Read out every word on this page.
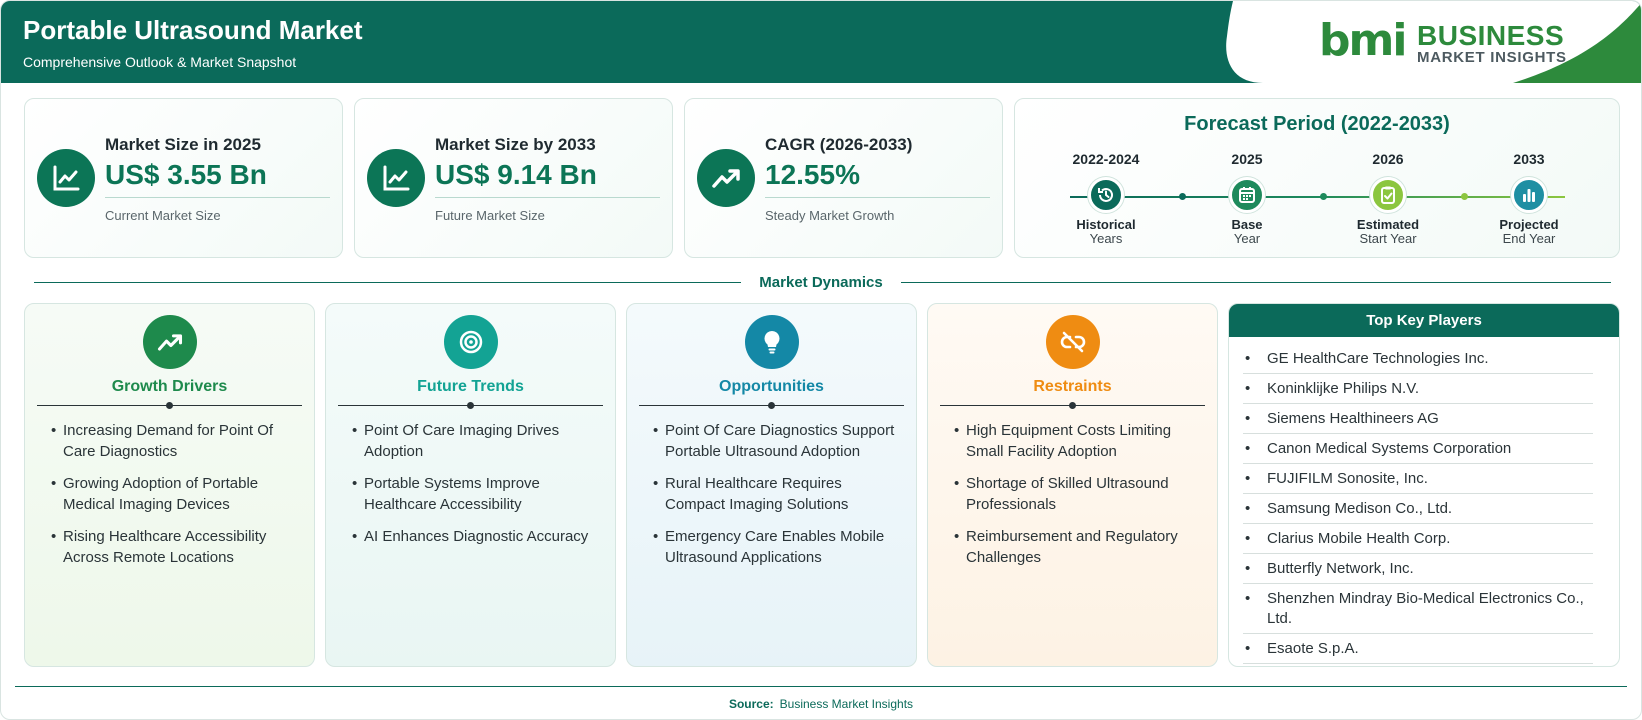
Portable Ultrasound Market
Comprehensive Outlook & Market Snapshot	bmi BUSINESS
MARKET INSIGHTS
Market Size in 2025
US$ 3.55 Bn
Current Market Size
Market Size by 2033
US$ 9.14 Bn
Future Market Size
CAGR (2026-2033)
12.55%
Steady Market Growth
Forecast Period (2022-2033)
2022-2024
Historical
Years
2025
Base
Year
2026
Estimated
Start Year
2033
Projected
End Year
Market Dynamics
Growth Drivers
• Increasing Demand for Point Of Care Diagnostics
• Growing Adoption of Portable Medical Imaging Devices
• Rising Healthcare Accessibility Across Remote Locations
Future Trends
• Point Of Care Imaging Drives Adoption
• Portable Systems Improve Healthcare Accessibility
• AI Enhances Diagnostic Accuracy
Opportunities
• Point Of Care Diagnostics Support Portable Ultrasound Adoption
• Rural Healthcare Requires Compact Imaging Solutions
• Emergency Care Enables Mobile Ultrasound Applications
Restraints
• High Equipment Costs Limiting Small Facility Adoption
• Shortage of Skilled Ultrasound Professionals
• Reimbursement and Regulatory Challenges
Top Key Players
• GE HealthCare Technologies Inc.
• Koninklijke Philips N.V.
• Siemens Healthineers AG
• Canon Medical Systems Corporation
• FUJIFILM Sonosite, Inc.
• Samsung Medison Co., Ltd.
• Clarius Mobile Health Corp.
• Butterfly Network, Inc.
• Shenzhen Mindray Bio-Medical Electronics Co., Ltd.
• Esaote S.p.A.
Source: Business Market Insights
